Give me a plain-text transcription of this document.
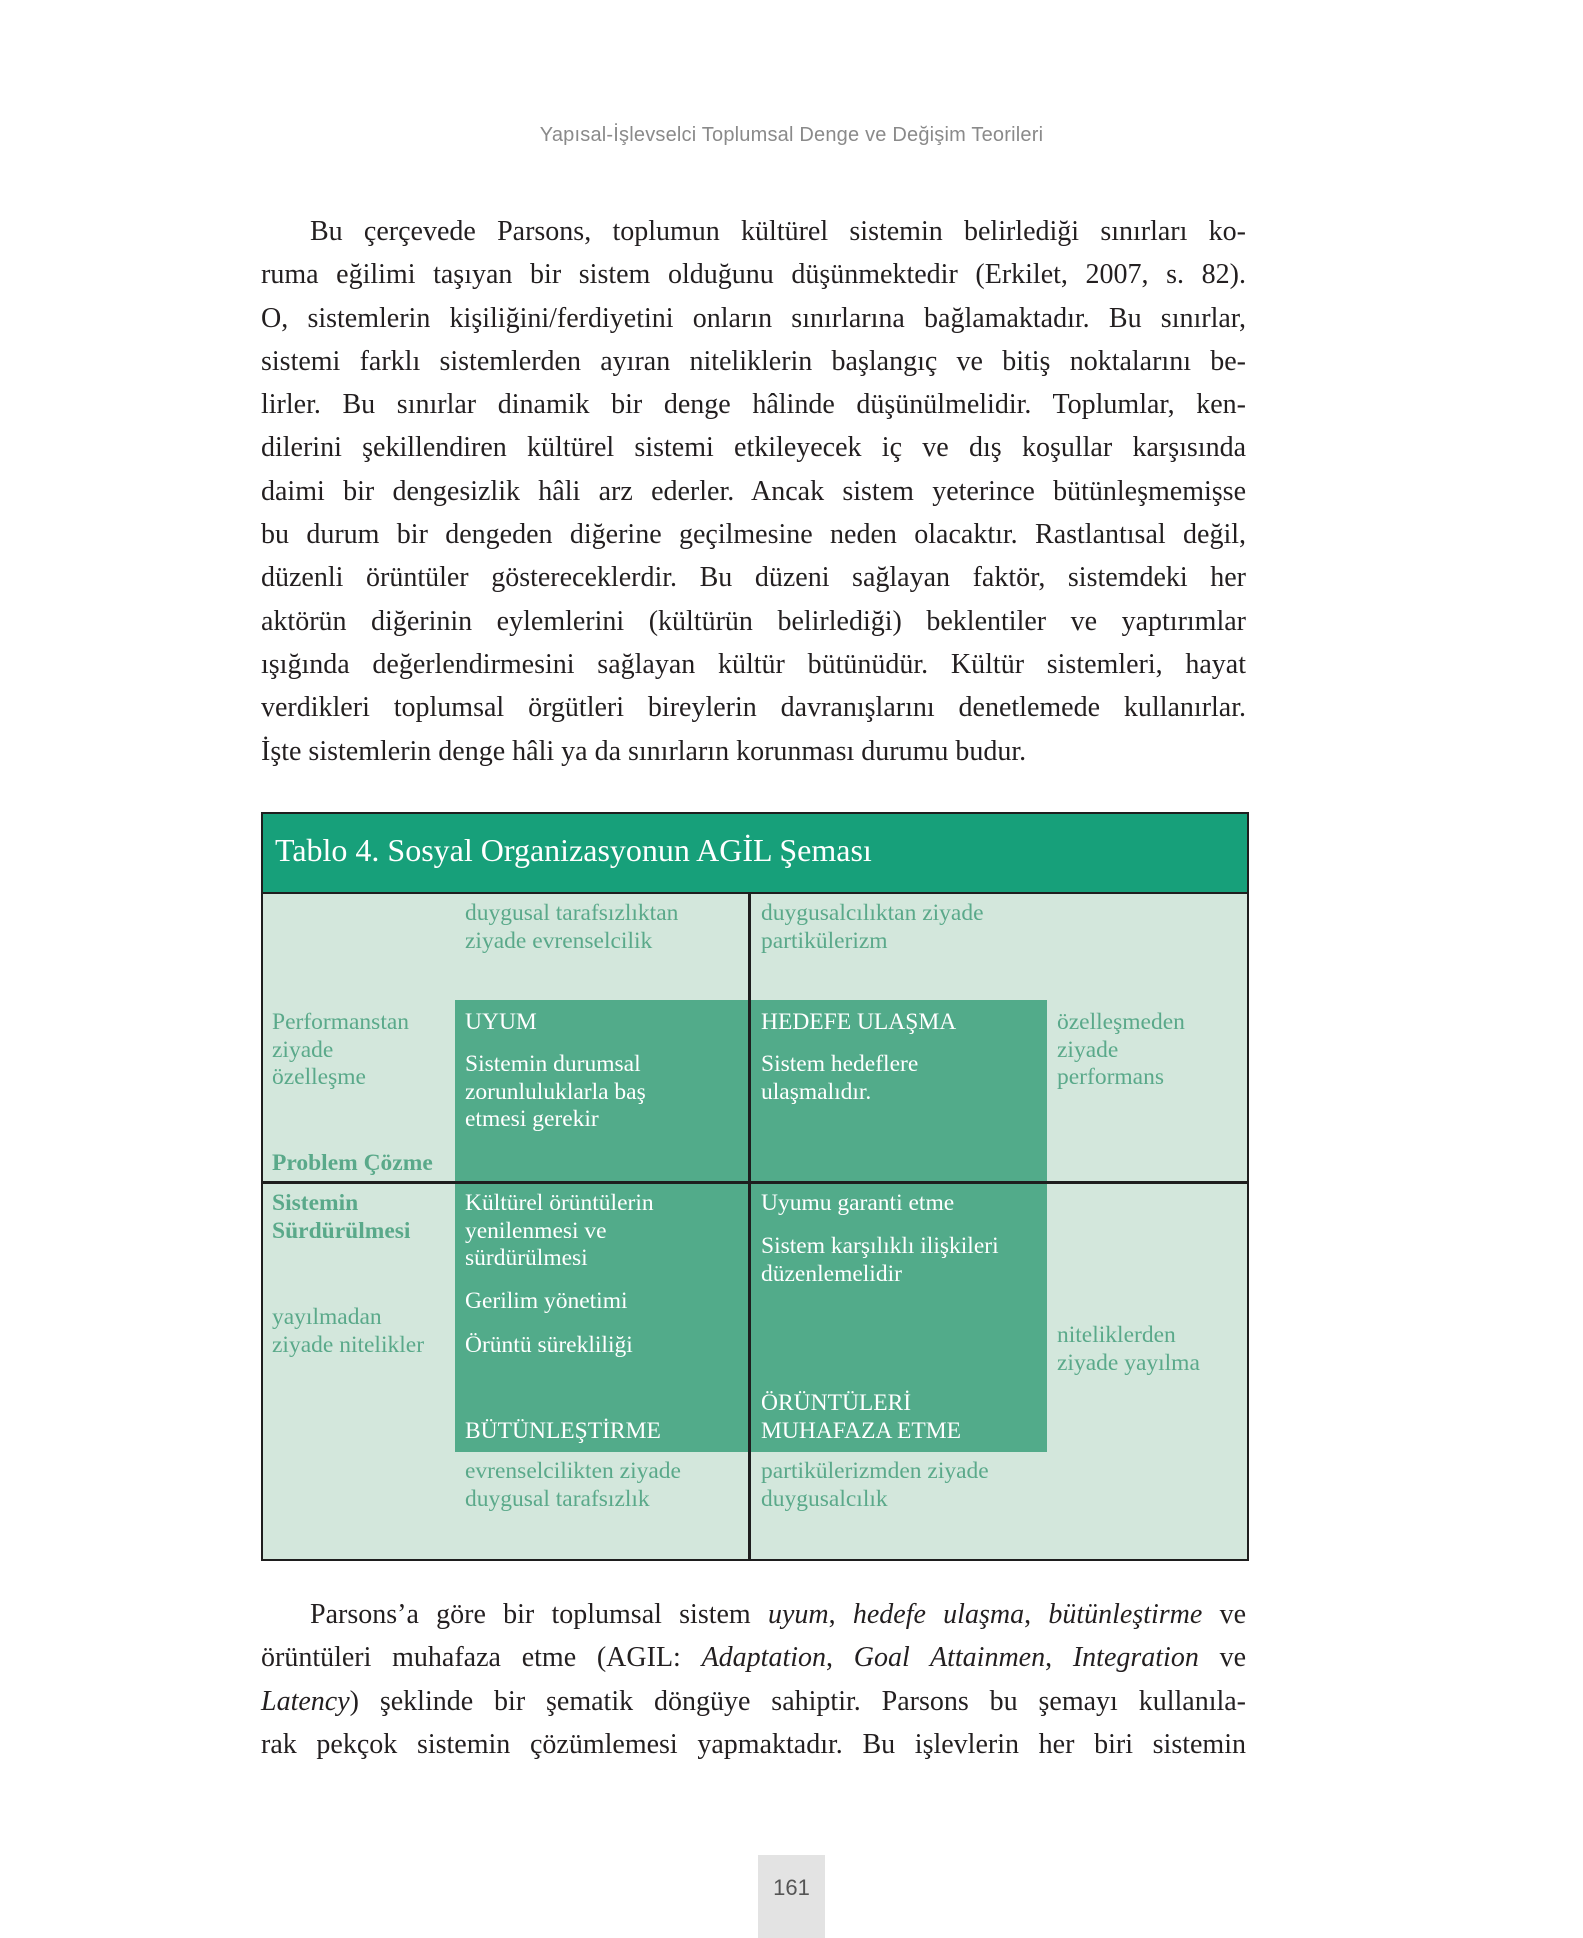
Yapısal-İşlevselci Toplumsal Denge ve Değişim Teorileri
Bu çerçevede Parsons, toplumun kültürel sistemin belirlediği sınırları ko-
ruma eğilimi taşıyan bir sistem olduğunu düşünmektedir (Erkilet, 2007, s. 82).
O, sistemlerin kişiliğini/ferdiyetini onların sınırlarına bağlamaktadır. Bu sınırlar,
sistemi farklı sistemlerden ayıran niteliklerin başlangıç ve bitiş noktalarını be-
lirler. Bu sınırlar dinamik bir denge hâlinde düşünülmelidir. Toplumlar, ken-
dilerini şekillendiren kültürel sistemi etkileyecek iç ve dış koşullar karşısında
daimi bir dengesizlik hâli arz ederler. Ancak sistem yeterince bütünleşmemişse
bu durum bir dengeden diğerine geçilmesine neden olacaktır. Rastlantısal değil,
düzenli örüntüler göstereceklerdir. Bu düzeni sağlayan faktör, sistemdeki her
aktörün diğerinin eylemlerini (kültürün belirlediği) beklentiler ve yaptırımlar
ışığında değerlendirmesini sağlayan kültür bütünüdür. Kültür sistemleri, hayat
verdikleri toplumsal örgütleri bireylerin davranışlarını denetlemede kullanırlar.
İşte sistemlerin denge hâli ya da sınırların korunması durumu budur.
Tablo 4. Sosyal Organizasyonun AGİL Şeması
duygusal tarafsızlıktan
ziyade evrenselcilik
duygusalcılıktan ziyade
partikülerizm
Performanstan
ziyade
özelleşme
Problem Çözme
Sistemin
Sürdürülmesi
yayılmadan
ziyade nitelikler
özelleşmeden
ziyade
performans
niteliklerden
ziyade yayılma
UYUM
Sistemin durumsal
zorunluluklarla baş
etmesi gerekir
HEDEFE ULAŞMA
Sistem hedeflere
ulaşmalıdır.
Kültürel örüntülerin
yenilenmesi ve
sürdürülmesi
Gerilim yönetimi
Örüntü sürekliliği
BÜTÜNLEŞTİRME
Uyumu garanti etme
Sistem karşılıklı ilişkileri
düzenlemelidir
ÖRÜNTÜLERİ
MUHAFAZA ETME
evrenselcilikten ziyade
duygusal tarafsızlık
partikülerizmden ziyade
duygusalcılık
Parsons’a göre bir toplumsal sistem uyum, hedefe ulaşma, bütünleştirme ve
örüntüleri muhafaza etme (AGIL: Adaptation, Goal Attainmen, Integration ve
Latency) şeklinde bir şematik döngüye sahiptir. Parsons bu şemayı kullanıla-
rak pekçok sistemin çözümlemesi yapmaktadır. Bu işlevlerin her biri sistemin
161
